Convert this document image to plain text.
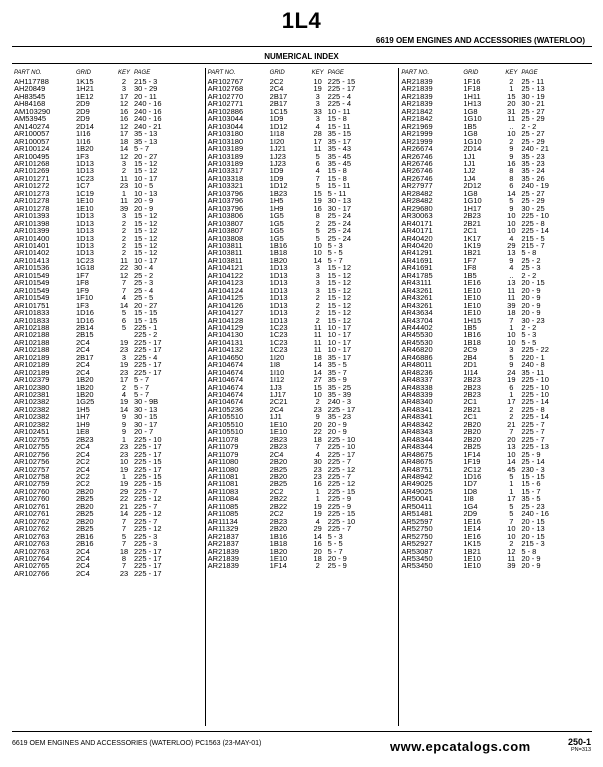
1L4
6619 OEM ENGINES AND ACCESSORIES (WATERLOO)
NUMERICAL INDEX
PART NO.	GRID	KEY	PAGE
AH117788	1K15	2	215 - 3
AH20849	1H21	3	30 - 29
AH83545	1E12	17	20 - 11
AH84168	2D9	12	240 - 16
AM103290	2D9	16	240 - 16
AM53945	2D9	16	240 - 16
AN140274	2D14	12	240 - 21
AR100057	1I16	17	35 - 13
AR100057	1I16	18	35 - 13
AR100124	1B20	14	5 - 7
AR100495	1F3	12	20 - 27
AR101268	1D13	3	15 - 12
AR101269	1D13	2	15 - 12
AR101271	1C23	11	10 - 17
AR101272	1C7	23	10 - 5
AR101273	1C19	1	10 - 13
AR101278	1E10	11	20 - 9
AR101278	1E10	39	20 - 9
AR101393	1D13	3	15 - 12
AR101398	1D13	2	15 - 12
AR101399	1D13	2	15 - 12
AR101400	1D13	2	15 - 12
AR101401	1D13	2	15 - 12
AR101402	1D13	2	15 - 12
AR101413	1C23	11	10 - 17
AR101536	1G18	22	30 - 4
AR101549	1F7	12	25 - 2
AR101549	1F8	7	25 - 3
AR101549	1F9	7	25 - 4
AR101549	1F10	4	25 - 5
AR101751	1F3	14	20 - 27
AR101833	1D16	5	15 - 15
AR101833	1D16	6	15 - 15
AR102188	2B14	5	225 - 1
AR102188	2B15		225 - 2
AR102188	2C4	19	225 - 17
AR102188	2C4	23	225 - 17
AR102189	2B17	3	225 - 4
AR102189	2C4	19	225 - 17
AR102189	2C4	23	225 - 17
AR102379	1B20	17	5 - 7
AR102380	1B20	2	5 - 7
AR102381	1B20	4	5 - 7
AR102382	1G25	19	30 - 9B
AR102382	1H5	14	30 - 13
AR102382	1H7	9	30 - 15
AR102382	1H9	9	30 - 17
AR102451	1E8	9	20 - 7
AR102755	2B23	1	225 - 10
AR102755	2C4	23	225 - 17
AR102756	2C4	23	225 - 17
AR102756	2C2	10	225 - 15
AR102757	2C4	19	225 - 17
AR102758	2C2	1	225 - 15
AR102759	2C2	19	225 - 15
AR102760	2B20	29	225 - 7
AR102760	2B25	22	225 - 12
AR102761	2B20	21	225 - 7
AR102761	2B25	14	225 - 12
AR102762	2B20	7	225 - 7
AR102762	2B25	7	225 - 12
AR102763	2B16	5	225 - 3
AR102763	2B16	7	225 - 3
AR102763	2C4	18	225 - 17
AR102764	2C4	8	225 - 17
AR102765	2C4	7	225 - 17
AR102766	2C4	23	225 - 17
PART NO.	GRID	KEY	PAGE
AR102767	2C2	10	225 - 15
AR102768	2C4	19	225 - 17
AR102770	2B17	3	225 - 4
AR102771	2B17	3	225 - 4
AR102886	1C15	33	10 - 11
AR103044	1D9	3	15 - 8
AR103044	1D12	4	15 - 11
AR103180	1I18	28	35 - 15
AR103180	1I20	17	35 - 17
AR103189	1J21	11	35 - 43
AR103189	1J23	5	35 - 45
AR103189	1J23	6	35 - 45
AR103317	1D9	4	15 - 8
AR103318	1D9	7	15 - 8
AR103321	1D12	5	15 - 11
AR103796	1B23	15	5 - 11
AR103796	1H5	19	30 - 13
AR103796	1H9	16	30 - 17
AR103806	1G5	8	25 - 24
AR103807	1G5	2	25 - 24
AR103807	1G5	5	25 - 24
AR103808	1G5	5	25 - 24
AR103811	1B16	10	5 - 3
AR103811	1B18	10	5 - 5
AR103811	1B20	14	5 - 7
AR104121	1D13	3	15 - 12
AR104122	1D13	3	15 - 12
AR104123	1D13	3	15 - 12
AR104124	1D13	3	15 - 12
AR104125	1D13	2	15 - 12
AR104126	1D13	2	15 - 12
AR104127	1D13	2	15 - 12
AR104128	1D13	2	15 - 12
AR104129	1C23	11	10 - 17
AR104130	1C23	11	10 - 17
AR104131	1C23	11	10 - 17
AR104132	1C23	11	10 - 17
AR104650	1I20	18	35 - 17
AR104674	1I8	14	35 - 5
AR104674	1I10	14	35 - 7
AR104674	1I12	27	35 - 9
AR104674	1J3	15	35 - 25
AR104674	1J17	10	35 - 39
AR104674	2C21	2	240 - 3
AR105236	2C4	23	225 - 17
AR105510	1J1	9	35 - 23
AR105510	1E10	20	20 - 9
AR105510	1E10	22	20 - 9
AR11078	2B23	18	225 - 10
AR11079	2B23	7	225 - 10
AR11079	2C4	4	225 - 17
AR11080	2B20	30	225 - 7
AR11080	2B25	23	225 - 12
AR11081	2B20	23	225 - 7
AR11081	2B25	16	225 - 12
AR11083	2C2	1	225 - 15
AR11084	2B22	1	225 - 9
AR11085	2B22	19	225 - 9
AR11085	2C2	19	225 - 15
AR11134	2B23	4	225 - 10
AR11329	2B20	29	225 - 7
AR21837	1B16	14	5 - 3
AR21837	1B18	16	5 - 5
AR21839	1B20	20	5 - 7
AR21839	1E10	18	20 - 9
AR21839	1F14	2	25 - 9
PART NO.	GRID	KEY	PAGE
AR21839	1F16	2	25 - 11
AR21839	1F18	1	25 - 13
AR21839	1H11	15	30 - 19
AR21839	1H13	20	30 - 21
AR21842	1G8	31	25 - 27
AR21842	1G10	11	25 - 29
AR21969	1B5	..	2 - 2
AR21999	1G8	10	25 - 27
AR21999	1G10	2	25 - 29
AR26674	2D14	9	240 - 21
AR26746	1J1	9	35 - 23
AR26746	1J1	16	35 - 23
AR26746	1J2	8	35 - 24
AR26746	1J4	8	35 - 26
AR27977	2D12	6	240 - 19
AR28482	1G8	14	25 - 27
AR28482	1G10	5	25 - 29
AR29680	1H17	9	30 - 25
AR30063	2B23	10	225 - 10
AR40171	2B21	10	225 - 8
AR40171	2C1	10	225 - 14
AR40420	1K17	4	215 - 5
AR40420	1K19	29	215 - 7
AR41291	1B21	13	5 - 8
AR41691	1F7	9	25 - 2
AR41691	1F8	4	25 - 3
AR41785	1B5	..	2 - 2
AR43111	1E16	13	20 - 15
AR43261	1E10	11	20 - 9
AR43261	1E10	11	20 - 9
AR43261	1E10	39	20 - 9
AR43634	1E10	18	20 - 9
AR43704	1H15	7	30 - 23
AR44402	1B5	1	2 - 2
AR45530	1B16	10	5 - 3
AR45530	1B18	10	5 - 5
AR46820	2C9	3	225 - 22
AR46886	2B4	5	220 - 1
AR48011	2D1	9	240 - 8
AR48236	1I14	24	35 - 11
AR48337	2B23	19	225 - 10
AR48338	2B23	6	225 - 10
AR48339	2B23	1	225 - 10
AR48340	2C1	17	225 - 14
AR48341	2B21	2	225 - 8
AR48341	2C1	2	225 - 14
AR48342	2B20	21	225 - 7
AR48343	2B20	7	225 - 7
AR48344	2B20	20	225 - 7
AR48344	2B25	13	225 - 13
AR48675	1F14	10	25 - 9
AR48675	1F19	14	25 - 14
AR48751	2C12	45	230 - 3
AR48942	1D16	5	15 - 15
AR49025	1D7	1	15 - 6
AR49025	1D8	1	15 - 7
AR50041	1I8	17	35 - 5
AR50411	1G4	5	25 - 23
AR51481	2D9	5	240 - 16
AR52597	1E16	7	20 - 15
AR52750	1E14	10	20 - 13
AR52750	1E16	10	20 - 15
AR52927	1K15	2	215 - 3
AR53087	1B21	12	5 - 8
AR53450	1E10	11	20 - 9
AR53450	1E10	39	20 - 9
6619 OEM ENGINES AND ACCESSORIES (WATERLOO) PC1563 (23-MAY-01)	250-1
PN=313
www.epcatalogs.com
